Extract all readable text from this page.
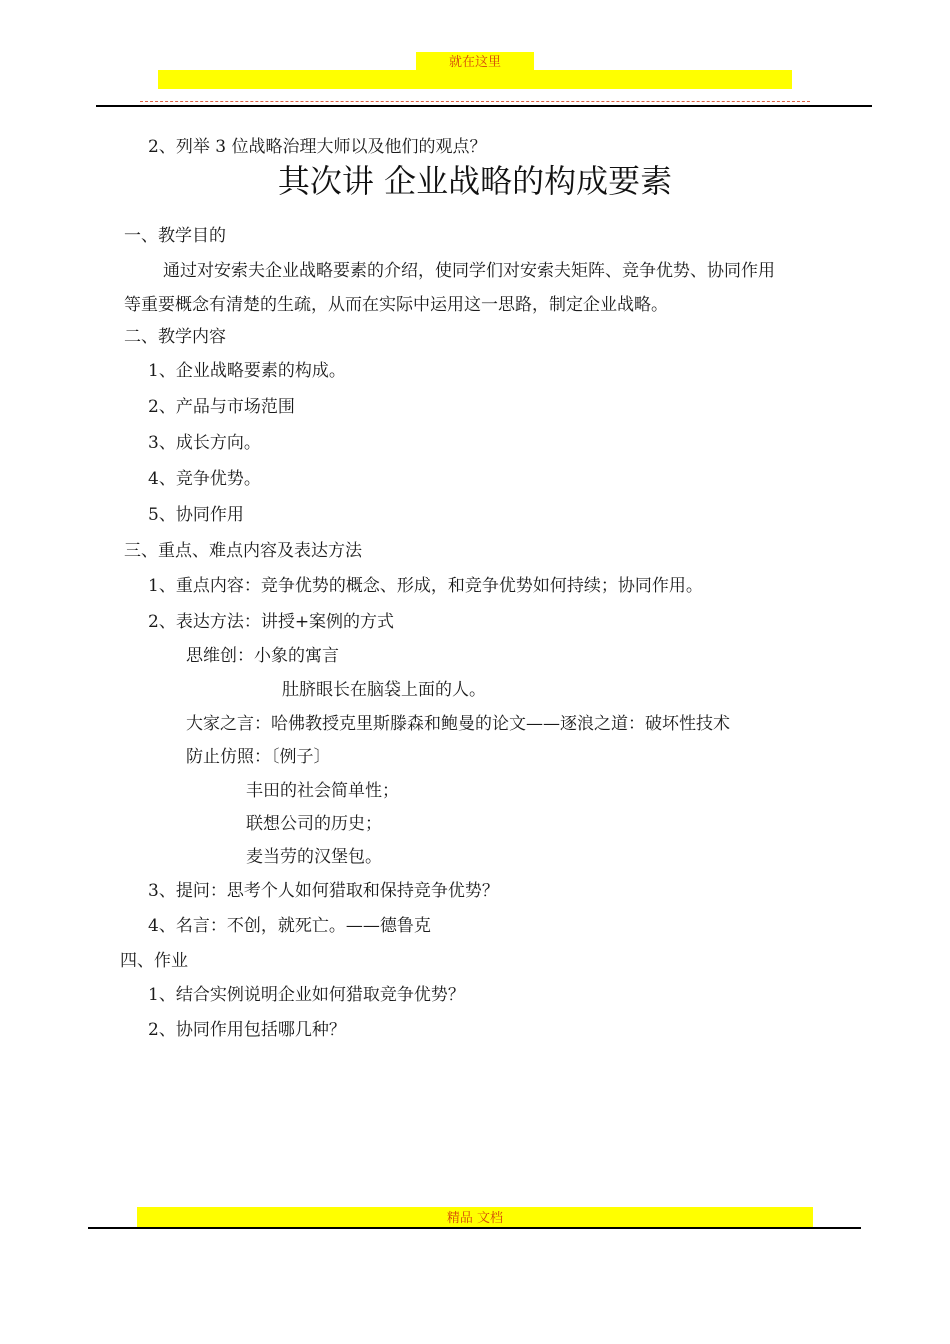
就在这里
2、列举 3 位战略治理大师以及他们的观点？
其次讲 企业战略的构成要素
一、教学目的
通过对安索夫企业战略要素的介绍，使同学们对安索夫矩阵、竞争优势、协同作用
等重要概念有清楚的生疏，从而在实际中运用这一思路，制定企业战略。
二、教学内容
1、企业战略要素的构成。
2、产品与市场范围
3、成长方向。
4、竞争优势。
5、协同作用
三、重点、难点内容及表达方法
1、重点内容：竞争优势的概念、形成，和竞争优势如何持续；协同作用。
2、表达方法：讲授+案例的方式
思维创：小象的寓言
肚脐眼长在脑袋上面的人。
大家之言：哈佛教授克里斯滕森和鲍曼的论文——逐浪之道：破坏性技术
防止仿照：〔例子〕
丰田的社会简单性；
联想公司的历史；
麦当劳的汉堡包。
3、提问：思考个人如何猎取和保持竞争优势？
4、名言：不创，就死亡。——德鲁克
四、作业
1、结合实例说明企业如何猎取竞争优势？
2、协同作用包括哪几种？
精品 文档
